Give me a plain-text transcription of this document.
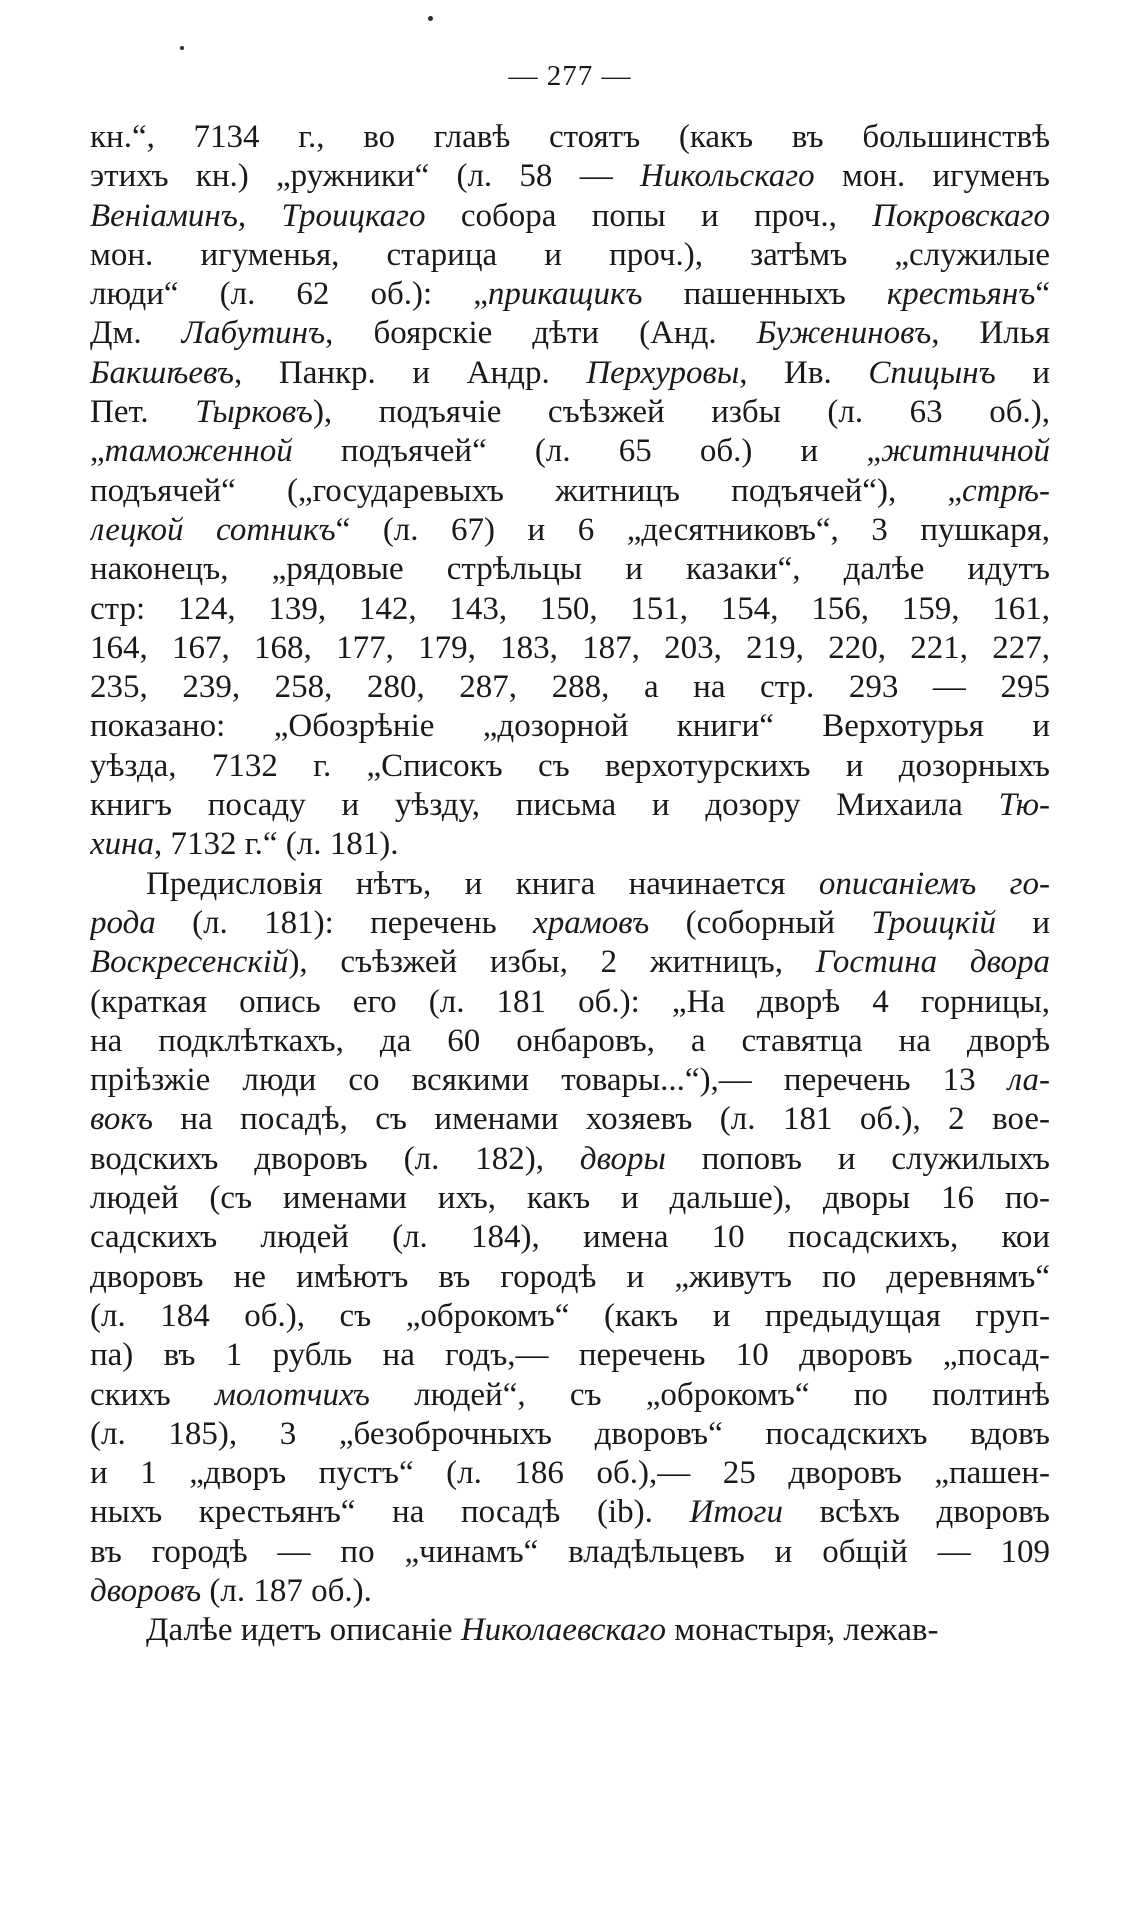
— 277 —
кн.“, 7134 г., во главѣ стоятъ (какъ въ большинствѣ
этихъ кн.) „ружники“ (л. 58 — Никольскаго мон. игуменъ
Веніаминъ, Троицкаго собора попы и проч., Покровскаго
мон. игуменья, старица и проч.), затѣмъ „служилые
люди“ (л. 62 об.): „прикащикъ пашенныхъ крестьянъ“
Дм. Лабутинъ, боярскіе дѣти (Анд. Бужениновъ, Илья
Бакшѣевъ, Панкр. и Андр. Перхуровы, Ив. Спицынъ и
Пет. Тырковъ), подъячіе съѣзжей избы (л. 63 об.),
„таможенной подъячей“ (л. 65 об.) и „житничной
подъячей“ („государевыхъ житницъ подъячей“), „стрѣ-
лецкой сотникъ“ (л. 67) и 6 „десятниковъ“, 3 пушкаря,
наконецъ, „рядовые стрѣльцы и казаки“, далѣе идутъ
стр: 124, 139, 142, 143, 150, 151, 154, 156, 159, 161,
164, 167, 168, 177, 179, 183, 187, 203, 219, 220, 221, 227,
235, 239, 258, 280, 287, 288, а на стр. 293 — 295
показано: „Обозрѣніе „дозорной книги“ Верхотурья и
уѣзда, 7132 г. „Списокъ съ верхотурскихъ и дозорныхъ
книгъ посаду и уѣзду, письма и дозору Михаила Тю-
хина, 7132 г.“ (л. 181).
Предисловія нѣтъ, и книга начинается описаніемъ го-
рода (л. 181): перечень храмовъ (соборный Троицкій и
Воскресенскій), съѣзжей избы, 2 житницъ, Гостина двора
(краткая опись его (л. 181 об.): „На дворѣ 4 горницы,
на подклѣткахъ, да 60 онбаровъ, а ставятца на дворѣ
пріѣзжіе люди со всякими товары...“),— перечень 13 ла-
вокъ на посадѣ, съ именами хозяевъ (л. 181 об.), 2 вое-
водскихъ дворовъ (л. 182), дворы поповъ и служилыхъ
людей (съ именами ихъ, какъ и дальше), дворы 16 по-
садскихъ людей (л. 184), имена 10 посадскихъ, кои
дворовъ не имѣютъ въ городѣ и „живутъ по деревнямъ“
(л. 184 об.), съ „оброкомъ“ (какъ и предыдущая груп-
па) въ 1 рубль на годъ,— перечень 10 дворовъ „посад-
скихъ молотчихъ людей“, съ „оброкомъ“ по полтинѣ
(л. 185), 3 „безоброчныхъ дворовъ“ посадскихъ вдовъ
и 1 „дворъ пустъ“ (л. 186 об.),— 25 дворовъ „пашен-
ныхъ крестьянъ“ на посадѣ (ib). Итоги всѣхъ дворовъ
въ городѣ — по „чинамъ“ владѣльцевъ и общій — 109
дворовъ (л. 187 об.).
Далѣе идетъ описаніе Николаевскаго монастыря, лежав-
